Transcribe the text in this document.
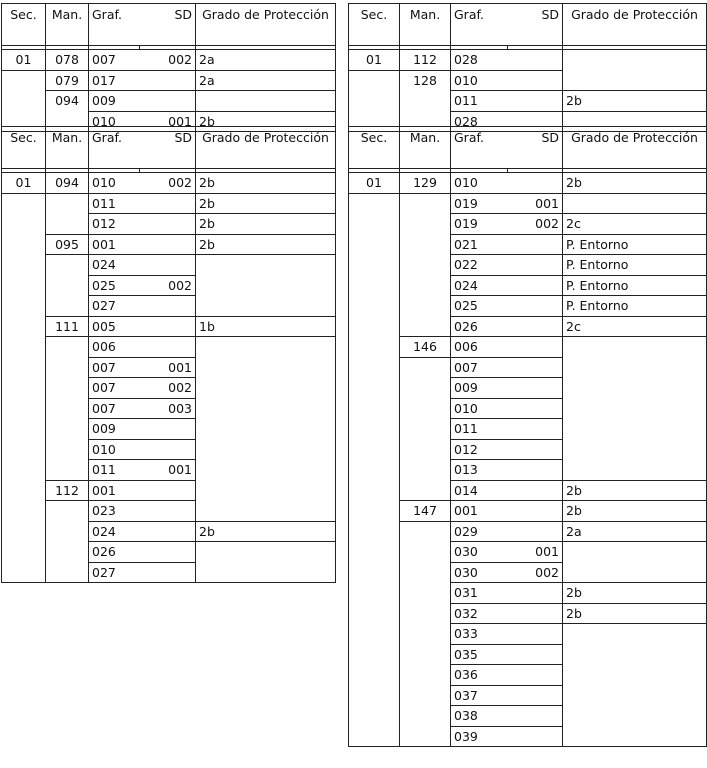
Sec.	Man.	Graf.	SD	Grado de Protección

01	078	007	002	2a
	079	017		2a
	094	009		
		010	001	2b
Sec.	Man.	Graf.	SD	Grado de Protección

01	094	010	002	2b
		011		2b
		012		2b
	095	001		2b
		024		
		025	002	
		027		
	111	005		1b
		006		
		007	001	
		007	002	
		007	003	
		009		
		010		
		011	001	
	112	001		
		023		
		024		2b
		026		
		027		
Sec.	Man.	Graf.	SD	Grado de Protección

01	112	028		
	128	010		
		011		2b
		028		
Sec.	Man.	Graf.	SD	Grado de Protección

01	129	010		2b
		019	001	
		019	002	2c
		021		P. Entorno
		022		P. Entorno
		024		P. Entorno
		025		P. Entorno
		026		2c
	146	006		
		007		
		009		
		010		
		011		
		012		
		013		
		014		2b
	147	001		2b
		029		2a
		030	001	
		030	002	
		031		2b
		032		2b
		033		
		035		
		036		
		037		
		038		
		039		
